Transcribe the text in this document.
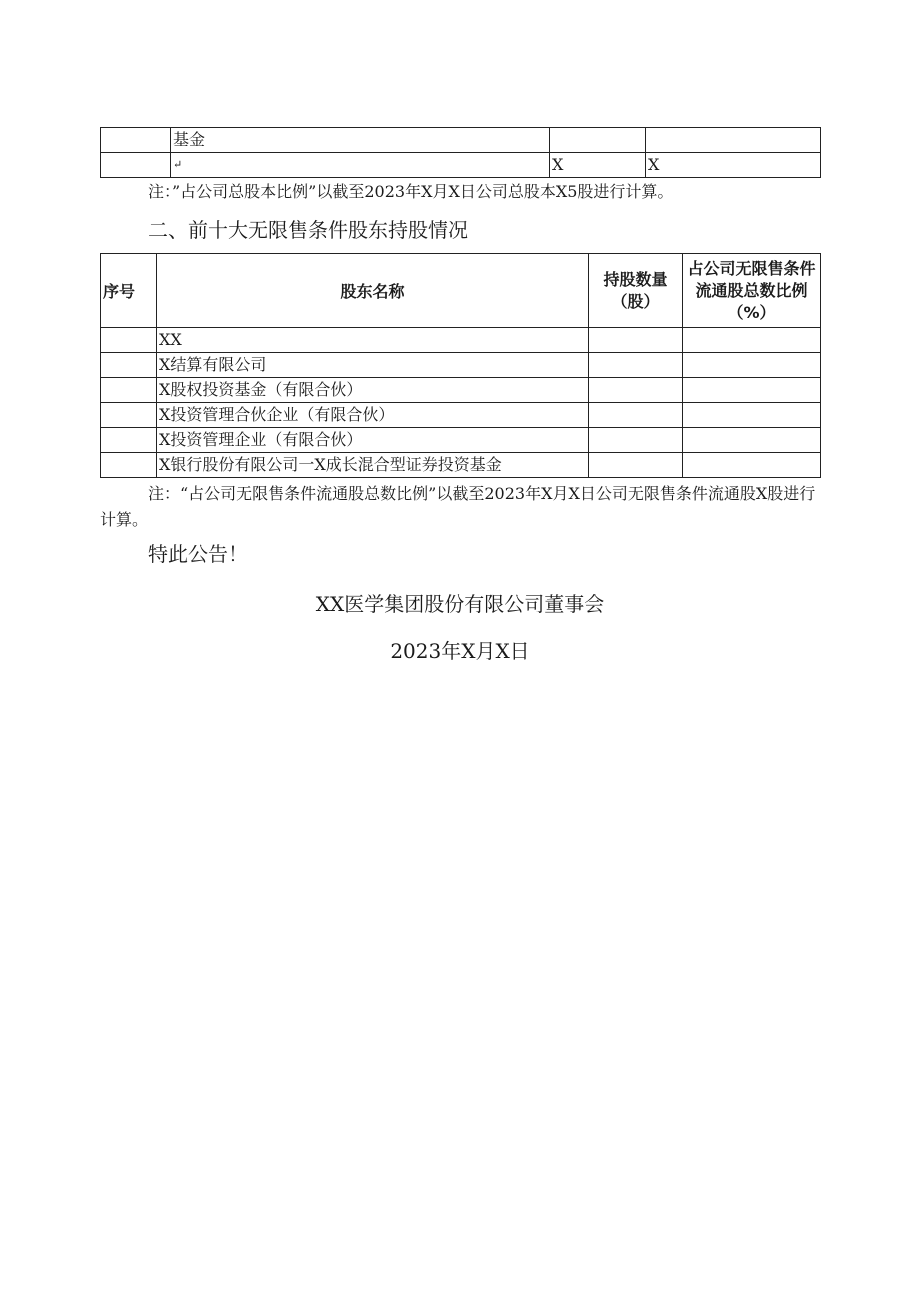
	基金		
	↵	X	X

注：”占公司总股本比例”以截至2023年X月X日公司总股本X5股进行计算。

二、前十大无限售条件股东持股情况
序号	股东名称	持股数量（股）	占公司无限售条件流通股总数比例（%）
	XX		
	X结算有限公司		
	X股权投资基金（有限合伙）		
	X投资管理合伙企业（有限合伙）		
	X投资管理企业（有限合伙）		
	X银行股份有限公司一X成长混合型证券投资基金		

注：“占公司无限售条件流通股总数比例”以截至2023年X月X日公司无限售条件流通股X股进行计算。

特此公告！

XX医学集团股份有限公司董事会

2023年X月X日
